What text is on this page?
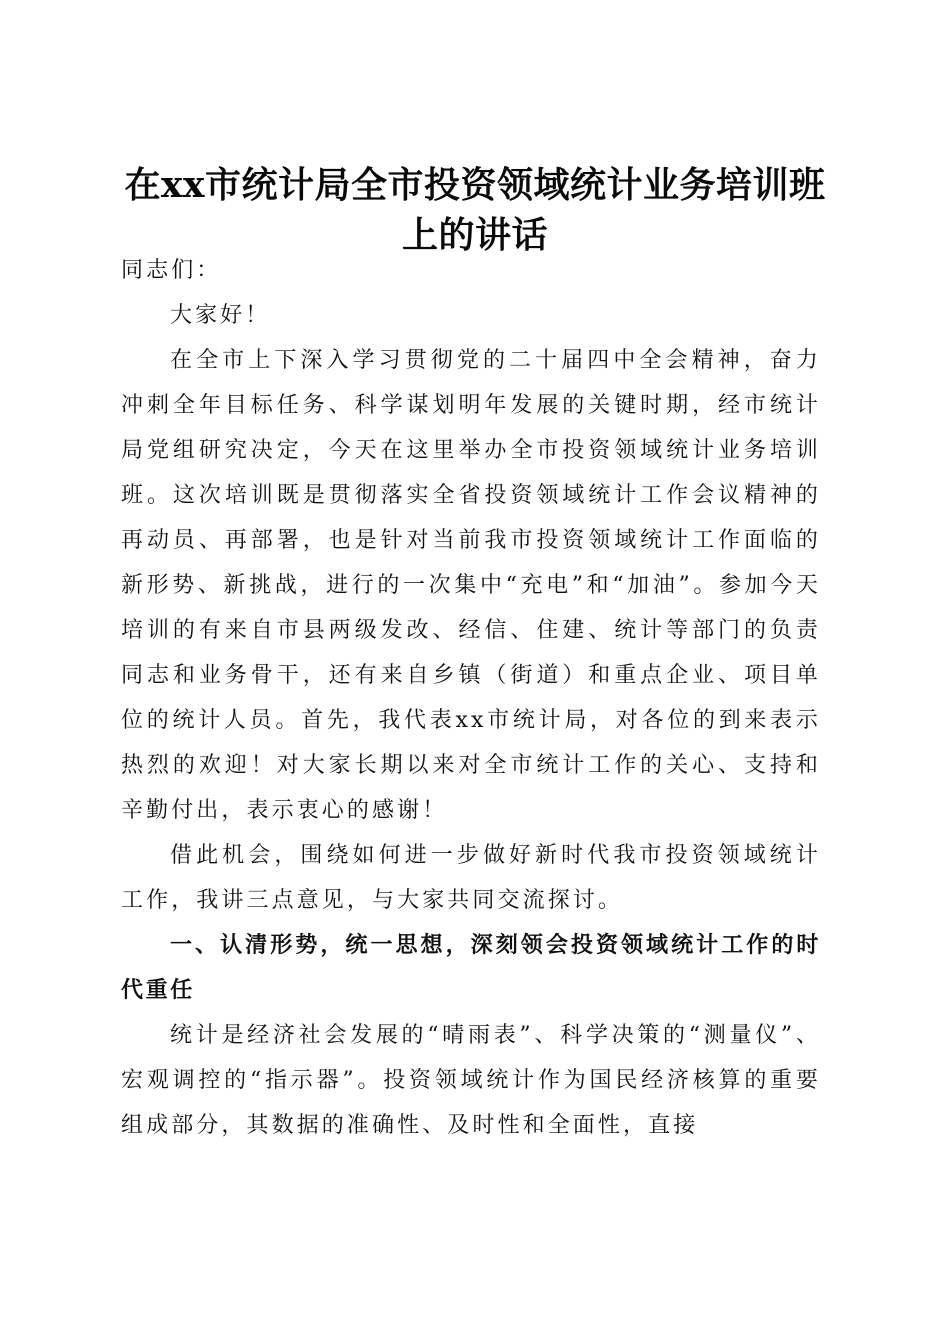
在xx市统计局全市投资领域统计业务培训班
上的讲话

同志们：

大家好！

在全市上下深入学习贯彻党的二十届四中全会精神，奋力冲刺全年目标任务、科学谋划明年发展的关键时期，经市统计局党组研究决定，今天在这里举办全市投资领域统计业务培训班。这次培训既是贯彻落实全省投资领域统计工作会议精神的再动员、再部署，也是针对当前我市投资领域统计工作面临的新形势、新挑战，进行的一次集中“充电”和“加油”。参加今天培训的有来自市县两级发改、经信、住建、统计等部门的负责同志和业务骨干，还有来自乡镇（街道）和重点企业、项目单位的统计人员。首先，我代表xx市统计局，对各位的到来表示热烈的欢迎！对大家长期以来对全市统计工作的关心、支持和辛勤付出，表示衷心的感谢！

借此机会，围绕如何进一步做好新时代我市投资领域统计工作，我讲三点意见，与大家共同交流探讨。

一、认清形势，统一思想，深刻领会投资领域统计工作的时代重任

统计是经济社会发展的“晴雨表”、科学决策的“测量仪”、宏观调控的“指示器”。投资领域统计作为国民经济核算的重要组成部分，其数据的准确性、及时性和全面性，直接
